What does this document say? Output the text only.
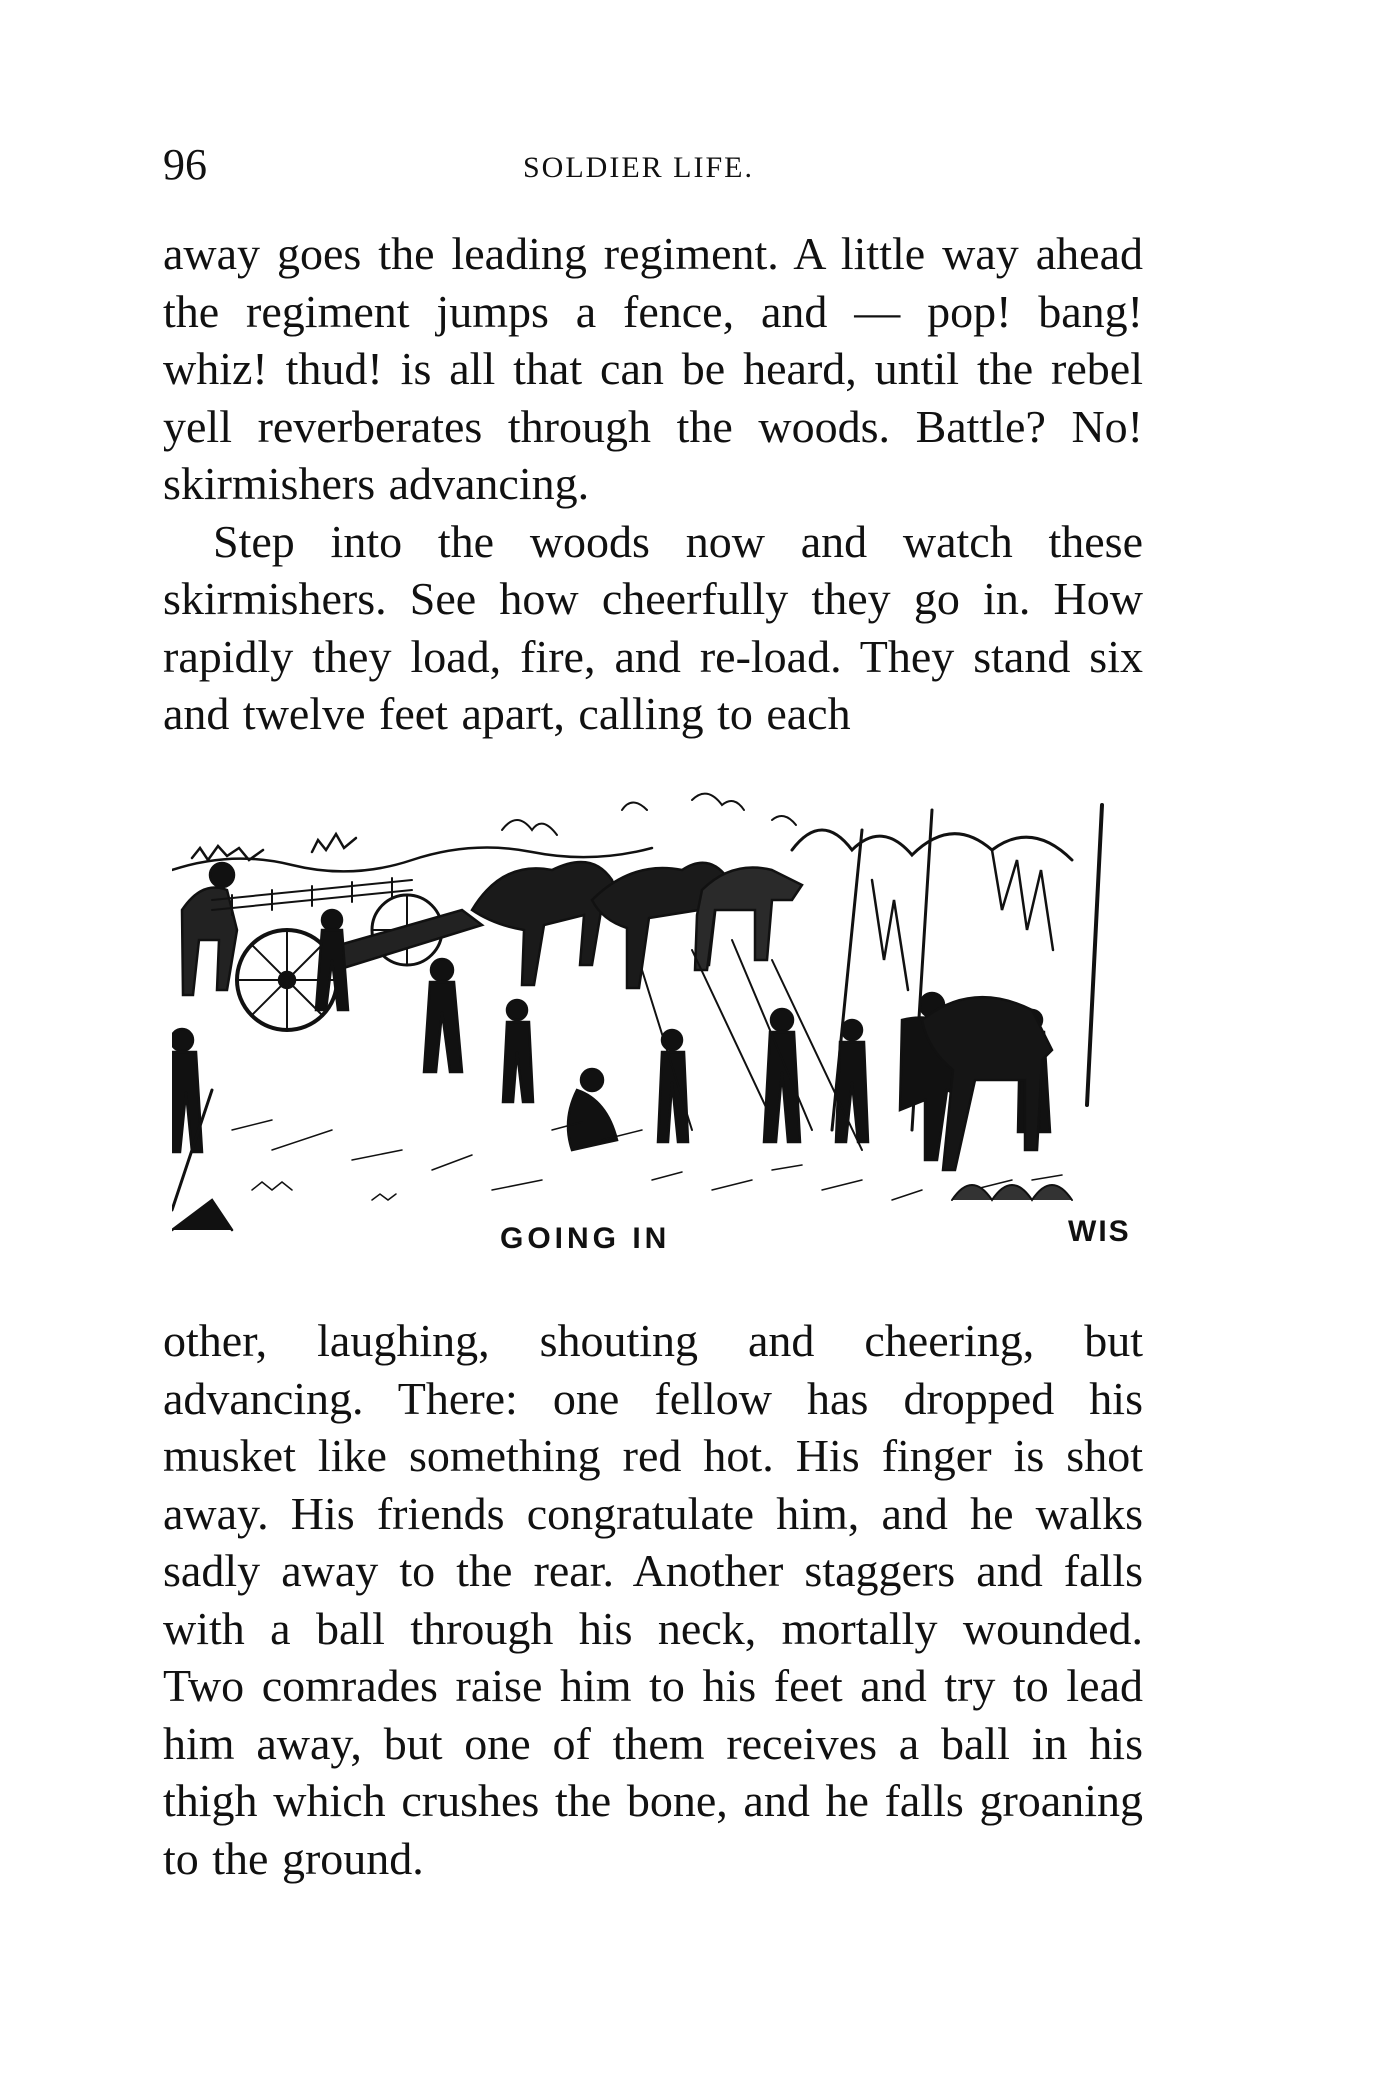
96	SOLDIER LIFE.

away goes the leading regiment. A little way ahead the regiment jumps a fence, and — pop! bang! whiz! thud! is all that can be heard, until the rebel yell reverberates through the woods. Battle? No! skirmishers advancing.

Step into the woods now and watch these skirmishers. See how cheerfully they go in. How rapidly they load, fire, and re-load. They stand six and twelve feet apart, calling to each

GOING IN	WIS

other, laughing, shouting and cheering, but advancing. There: one fellow has dropped his musket like something red hot. His finger is shot away. His friends congratulate him, and he walks sadly away to the rear. Another staggers and falls with a ball through his neck, mortally wounded. Two comrades raise him to his feet and try to lead him away, but one of them receives a ball in his thigh which crushes the bone, and he falls groaning to the ground.
